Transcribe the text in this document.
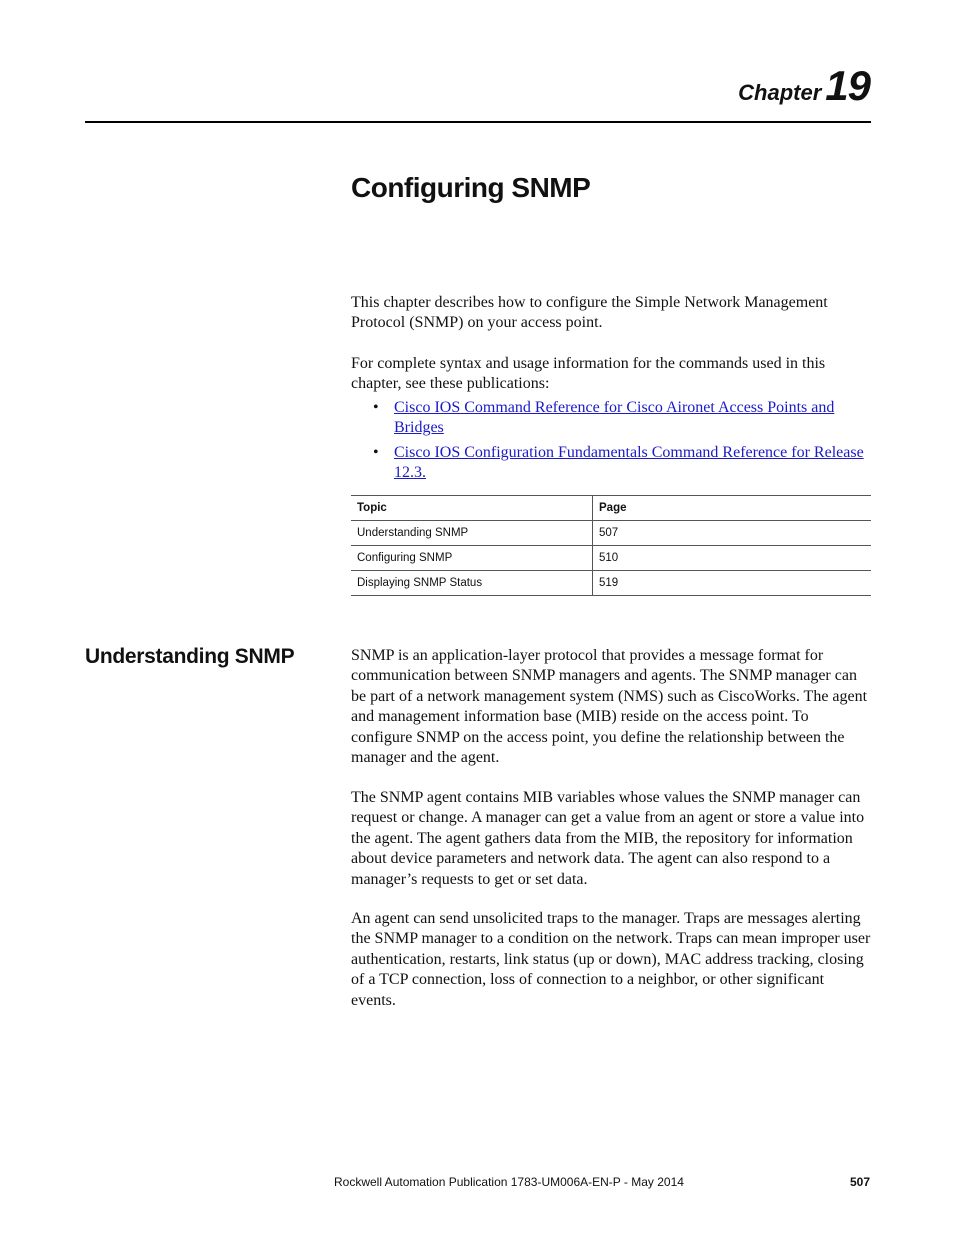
Chapter19
Configuring SNMP

This chapter describes how to configure the Simple Network Management Protocol (SNMP) on your access point.

For complete syntax and usage information for the commands used in this chapter, see these publications:

• Cisco IOS Command Reference for Cisco Aironet Access Points and Bridges
• Cisco IOS Configuration Fundamentals Command Reference for Release 12.3.
Topic	Page
Understanding SNMP	507
Configuring SNMP	510
Displaying SNMP Status	519
Understanding SNMP	SNMP is an application-layer protocol that provides a message format for communication between SNMP managers and agents. The SNMP manager can be part of a network management system (NMS) such as CiscoWorks. The agent and management information base (MIB) reside on the access point. To configure SNMP on the access point, you define the relationship between the manager and the agent.

The SNMP agent contains MIB variables whose values the SNMP manager can request or change. A manager can get a value from an agent or store a value into the agent. The agent gathers data from the MIB, the repository for information about device parameters and network data. The agent can also respond to a manager’s requests to get or set data.

An agent can send unsolicited traps to the manager. Traps are messages alerting the SNMP manager to a condition on the network. Traps can mean improper user authentication, restarts, link status (up or down), MAC address tracking, closing of a TCP connection, loss of connection to a neighbor, or other significant events.

Rockwell Automation Publication 1783-UM006A-EN-P - May 2014	507
